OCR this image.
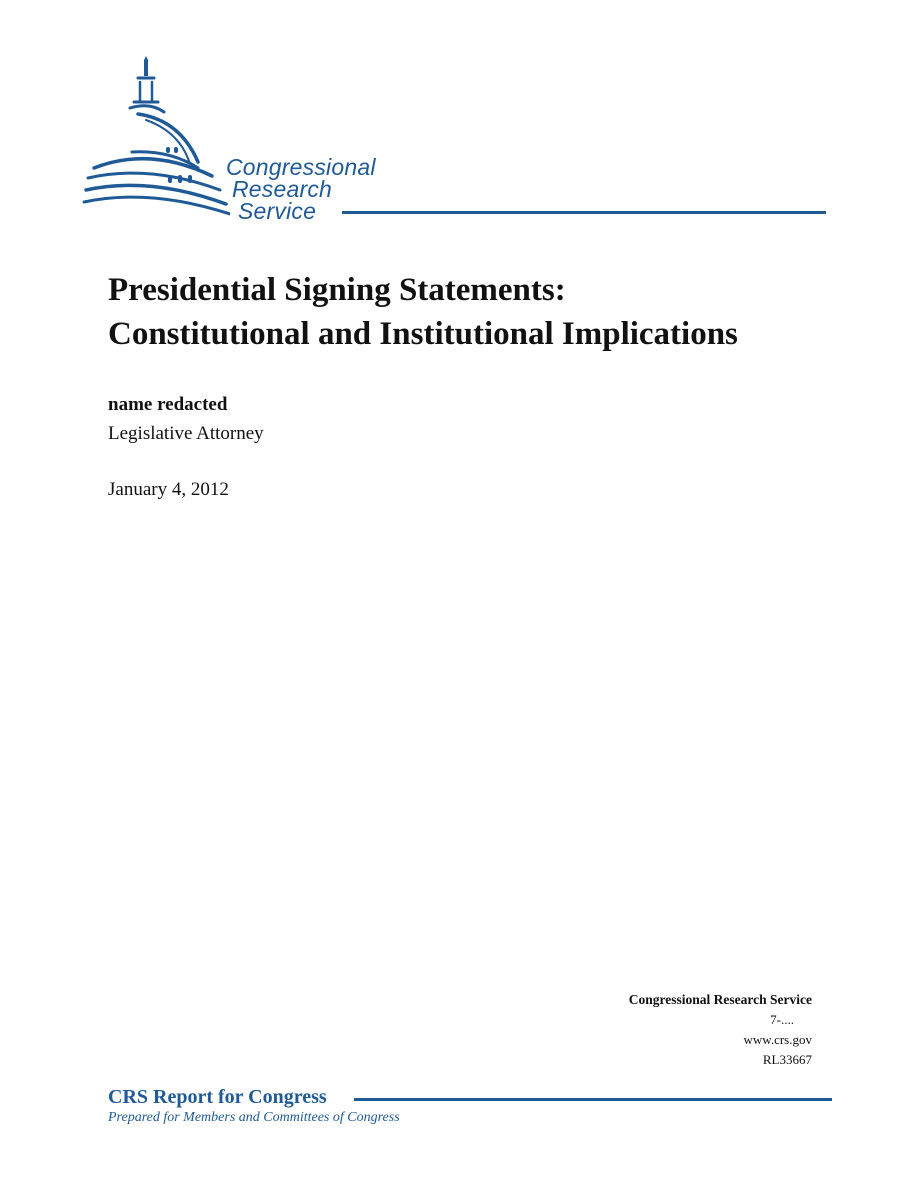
Congressional
Research
Service
Presidential Signing Statements:
Constitutional and Institutional Implications
name redacted
Legislative Attorney
January 4, 2012
Congressional Research Service
7-....
www.crs.gov
RL33667
CRS Report for Congress
Prepared for Members and Committees of Congress
